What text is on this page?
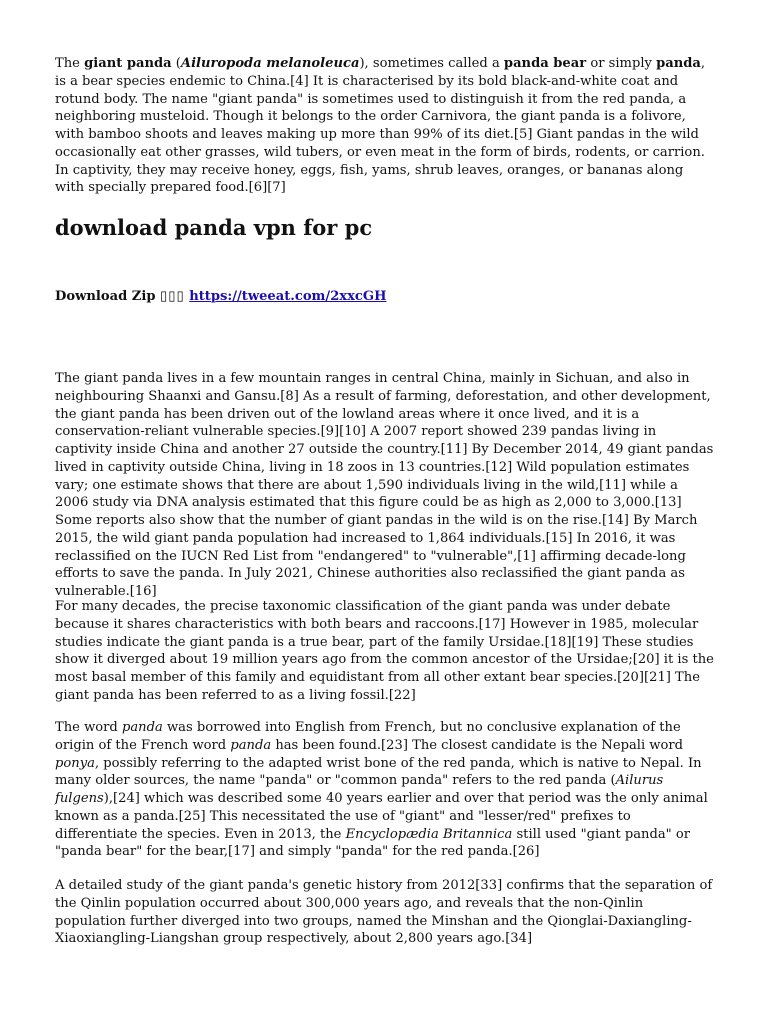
The giant panda (Ailuropoda melanoleuca), sometimes called a panda bear or simply panda, is a bear species endemic to China.[4] It is characterised by its bold black-and-white coat and rotund body. The name "giant panda" is sometimes used to distinguish it from the red panda, a neighboring musteloid. Though it belongs to the order Carnivora, the giant panda is a folivore, with bamboo shoots and leaves making up more than 99% of its diet.[5] Giant pandas in the wild occasionally eat other grasses, wild tubers, or even meat in the form of birds, rodents, or carrion. In captivity, they may receive honey, eggs, fish, yams, shrub leaves, oranges, or bananas along with specially prepared food.[6][7]

download panda vpn for pc

Download Zip ▯▯▯ https://tweeat.com/2xxcGH

The giant panda lives in a few mountain ranges in central China, mainly in Sichuan, and also in neighbouring Shaanxi and Gansu.[8] As a result of farming, deforestation, and other development, the giant panda has been driven out of the lowland areas where it once lived, and it is a conservation-reliant vulnerable species.[9][10] A 2007 report showed 239 pandas living in captivity inside China and another 27 outside the country.[11] By December 2014, 49 giant pandas lived in captivity outside China, living in 18 zoos in 13 countries.[12] Wild population estimates vary; one estimate shows that there are about 1,590 individuals living in the wild,[11] while a 2006 study via DNA analysis estimated that this figure could be as high as 2,000 to 3,000.[13] Some reports also show that the number of giant pandas in the wild is on the rise.[14] By March 2015, the wild giant panda population had increased to 1,864 individuals.[15] In 2016, it was reclassified on the IUCN Red List from "endangered" to "vulnerable",[1] affirming decade-long efforts to save the panda. In July 2021, Chinese authorities also reclassified the giant panda as vulnerable.[16]

For many decades, the precise taxonomic classification of the giant panda was under debate because it shares characteristics with both bears and raccoons.[17] However in 1985, molecular studies indicate the giant panda is a true bear, part of the family Ursidae.[18][19] These studies show it diverged about 19 million years ago from the common ancestor of the Ursidae;[20] it is the most basal member of this family and equidistant from all other extant bear species.[20][21] The giant panda has been referred to as a living fossil.[22]

The word panda was borrowed into English from French, but no conclusive explanation of the origin of the French word panda has been found.[23] The closest candidate is the Nepali word ponya, possibly referring to the adapted wrist bone of the red panda, which is native to Nepal. In many older sources, the name "panda" or "common panda" refers to the red panda (Ailurus fulgens),[24] which was described some 40 years earlier and over that period was the only animal known as a panda.[25] This necessitated the use of "giant" and "lesser/red" prefixes to differentiate the species. Even in 2013, the Encyclopædia Britannica still used "giant panda" or "panda bear" for the bear,[17] and simply "panda" for the red panda.[26]

A detailed study of the giant panda's genetic history from 2012[33] confirms that the separation of the Qinlin population occurred about 300,000 years ago, and reveals that the non-Qinlin population further diverged into two groups, named the Minshan and the Qionglai-Daxiangling-Xiaoxiangling-Liangshan group respectively, about 2,800 years ago.[34]
